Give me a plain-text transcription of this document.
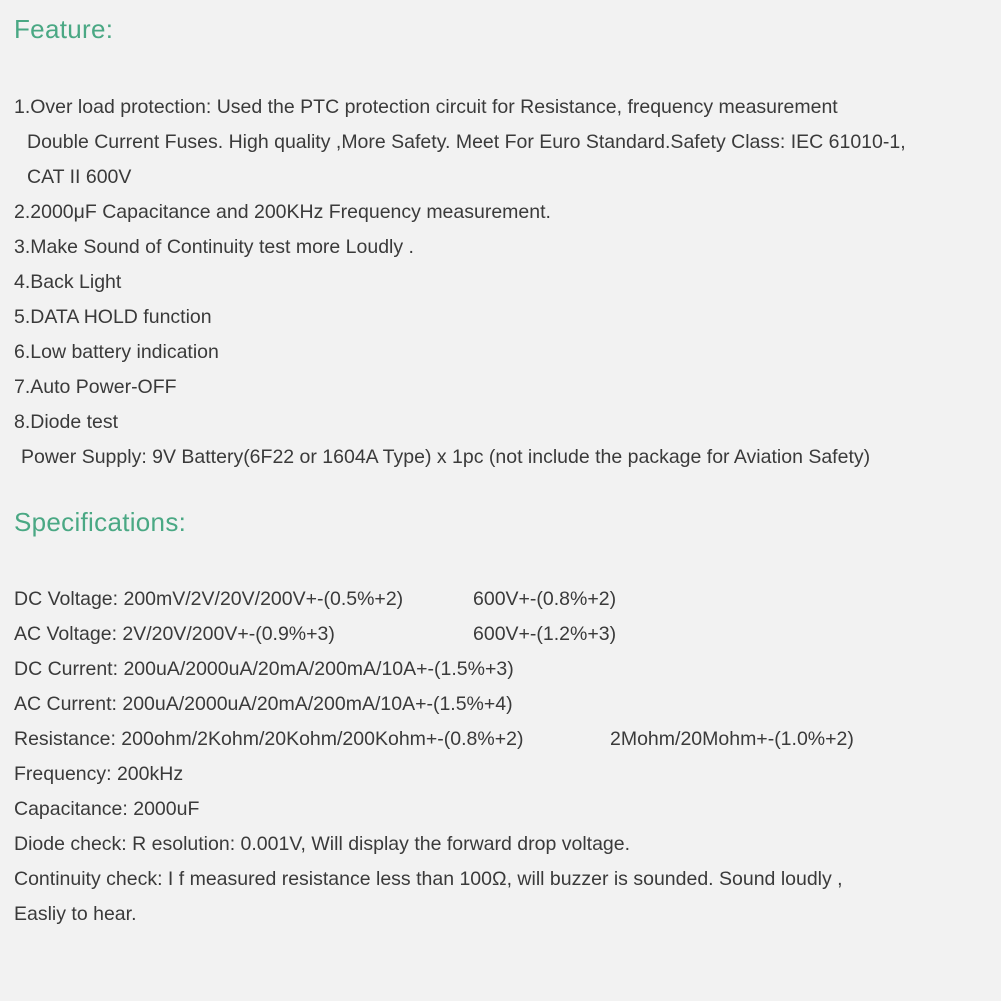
Feature:

1.Over load protection: Used the PTC protection circuit for Resistance, frequency measurement

Double Current Fuses. High quality ,More Safety. Meet For Euro Standard.Safety Class: IEC 61010-1,

CAT II 600V

2.2000μF Capacitance and 200KHz Frequency measurement.

3.Make Sound of Continuity test more Loudly .

4.Back Light

5.DATA HOLD function

6.Low battery indication

7.Auto Power-OFF

8.Diode test

Power Supply: 9V Battery(6F22 or 1604A Type) x 1pc (not include the package for Aviation Safety)

Specifications:

DC Voltage: 200mV/2V/20V/200V+-(0.5%+2)	600V+-(0.8%+2)

AC Voltage: 2V/20V/200V+-(0.9%+3)	600V+-(1.2%+3)

DC Current: 200uA/2000uA/20mA/200mA/10A+-(1.5%+3)

AC Current: 200uA/2000uA/20mA/200mA/10A+-(1.5%+4)

Resistance: 200ohm/2Kohm/20Kohm/200Kohm+-(0.8%+2)	2Mohm/20Mohm+-(1.0%+2)

Frequency: 200kHz

Capacitance: 2000uF

Diode check: R esolution: 0.001V, Will display the forward drop voltage.

Continuity check: I f measured resistance less than 100Ω, will buzzer is sounded. Sound loudly ,

Easliy to hear.
